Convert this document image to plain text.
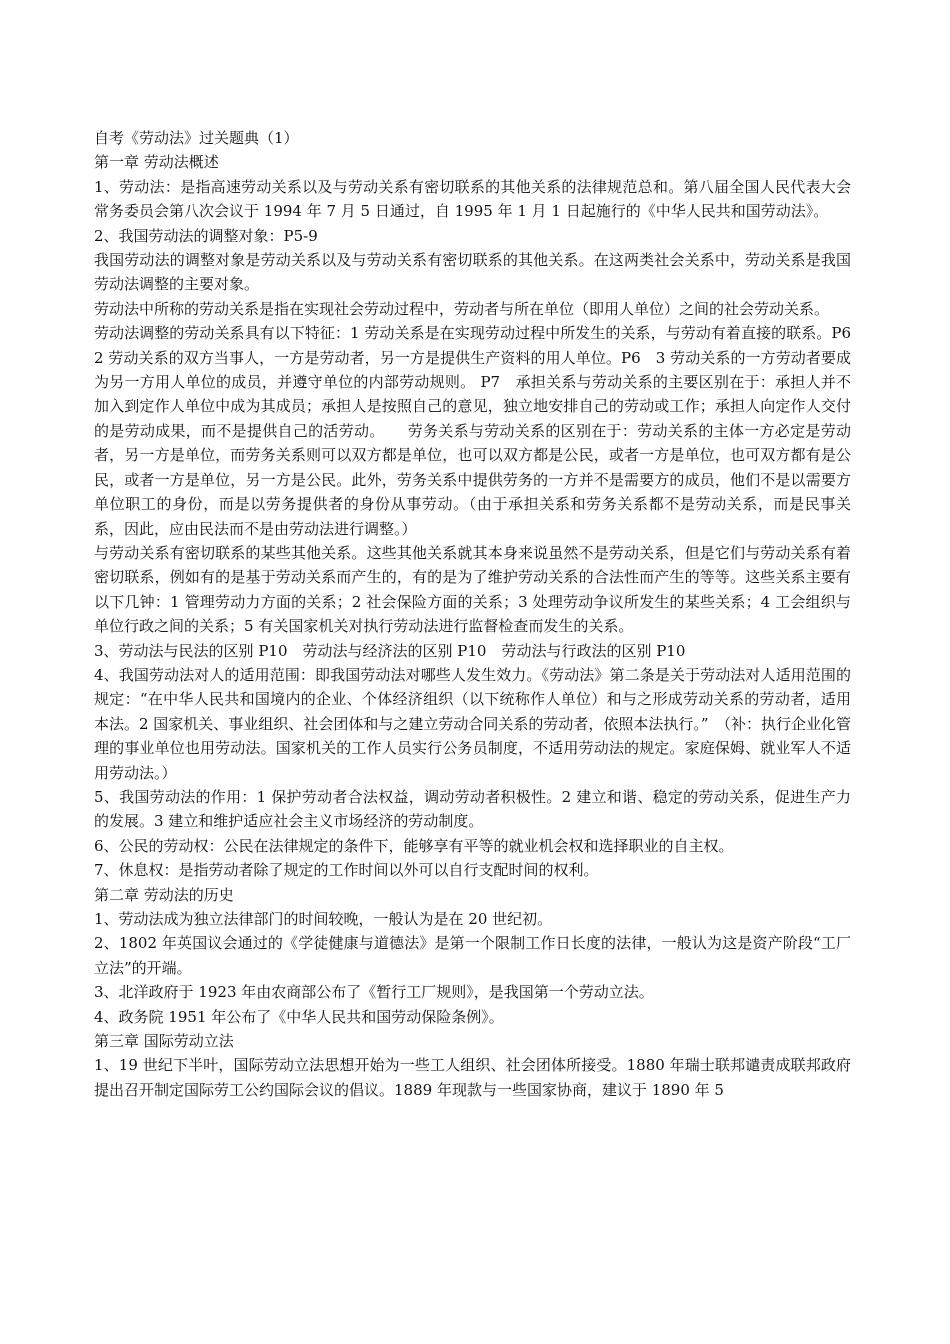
自考《劳动法》过关题典（1）

第一章 劳动法概述

1、劳动法：是指高速劳动关系以及与劳动关系有密切联系的其他关系的法律规范总和。第八届全国人民代表大会常务委员会第八次会议于 1994 年 7 月 5 日通过，自 1995 年 1 月 1 日起施行的《中华人民共和国劳动法》。

2、我国劳动法的调整对象：P5-9

我国劳动法的调整对象是劳动关系以及与劳动关系有密切联系的其他关系。在这两类社会关系中，劳动关系是我国劳动法调整的主要对象。

劳动法中所称的劳动关系是指在实现社会劳动过程中，劳动者与所在单位（即用人单位）之间的社会劳动关系。

劳动法调整的劳动关系具有以下特征：1 劳动关系是在实现劳动过程中所发生的关系，与劳动有着直接的联系。P6　2 劳动关系的双方当事人，一方是劳动者，另一方是提供生产资料的用人单位。P6　3 劳动关系的一方劳动者要成为另一方用人单位的成员，并遵守单位的内部劳动规则。 P7　承担关系与劳动关系的主要区别在于：承担人并不加入到定作人单位中成为其成员；承担人是按照自己的意见，独立地安排自己的劳动或工作；承担人向定作人交付的是劳动成果，而不是提供自己的活劳动。　　劳务关系与劳动关系的区别在于：劳动关系的主体一方必定是劳动者，另一方是单位，而劳务关系则可以双方都是单位，也可以双方都是公民，或者一方是单位，也可双方都有是公民，或者一方是单位，另一方是公民。此外，劳务关系中提供劳务的一方并不是需要方的成员，他们不是以需要方单位职工的身份，而是以劳务提供者的身份从事劳动。（由于承担关系和劳务关系都不是劳动关系，而是民事关系，因此，应由民法而不是由劳动法进行调整。）

与劳动关系有密切联系的某些其他关系。这些其他关系就其本身来说虽然不是劳动关系，但是它们与劳动关系有着密切联系，例如有的是基于劳动关系而产生的，有的是为了维护劳动关系的合法性而产生的等等。这些关系主要有以下几钟：1 管理劳动力方面的关系；2 社会保险方面的关系；3 处理劳动争议所发生的某些关系；4 工会组织与单位行政之间的关系；5 有关国家机关对执行劳动法进行监督检查而发生的关系。

3、劳动法与民法的区别 P10　劳动法与经济法的区别 P10　劳动法与行政法的区别 P10

4、我国劳动法对人的适用范围：即我国劳动法对哪些人发生效力。《劳动法》第二条是关于劳动法对人适用范围的规定：“在中华人民共和国境内的企业、个体经济组织（以下统称作人单位）和与之形成劳动关系的劳动者，适用本法。2 国家机关、事业组织、社会团体和与之建立劳动合同关系的劳动者，依照本法执行。”　（补：执行企业化管理的事业单位也用劳动法。国家机关的工作人员实行公务员制度，不适用劳动法的规定。家庭保姆、就业军人不适用劳动法。）

5、我国劳动法的作用：1 保护劳动者合法权益，调动劳动者积极性。2 建立和谐、稳定的劳动关系，促进生产力的发展。3 建立和维护适应社会主义市场经济的劳动制度。

6、公民的劳动权：公民在法律规定的条件下，能够享有平等的就业机会权和选择职业的自主权。

7、休息权：是指劳动者除了规定的工作时间以外可以自行支配时间的权利。

第二章 劳动法的历史

1、劳动法成为独立法律部门的时间较晚，一般认为是在 20 世纪初。

2、1802 年英国议会通过的《学徒健康与道德法》是第一个限制工作日长度的法律，一般认为这是资产阶段“工厂立法”的开端。

3、北洋政府于 1923 年由农商部公布了《暂行工厂规则》，是我国第一个劳动立法。

4、政务院 1951 年公布了《中华人民共和国劳动保险条例》。

第三章 国际劳动立法

1、19 世纪下半叶，国际劳动立法思想开始为一些工人组织、社会团体所接受。1880 年瑞士联邦谴责成联邦政府提出召开制定国际劳工公约国际会议的倡议。1889 年现款与一些国家协商，建议于 1890 年 5
